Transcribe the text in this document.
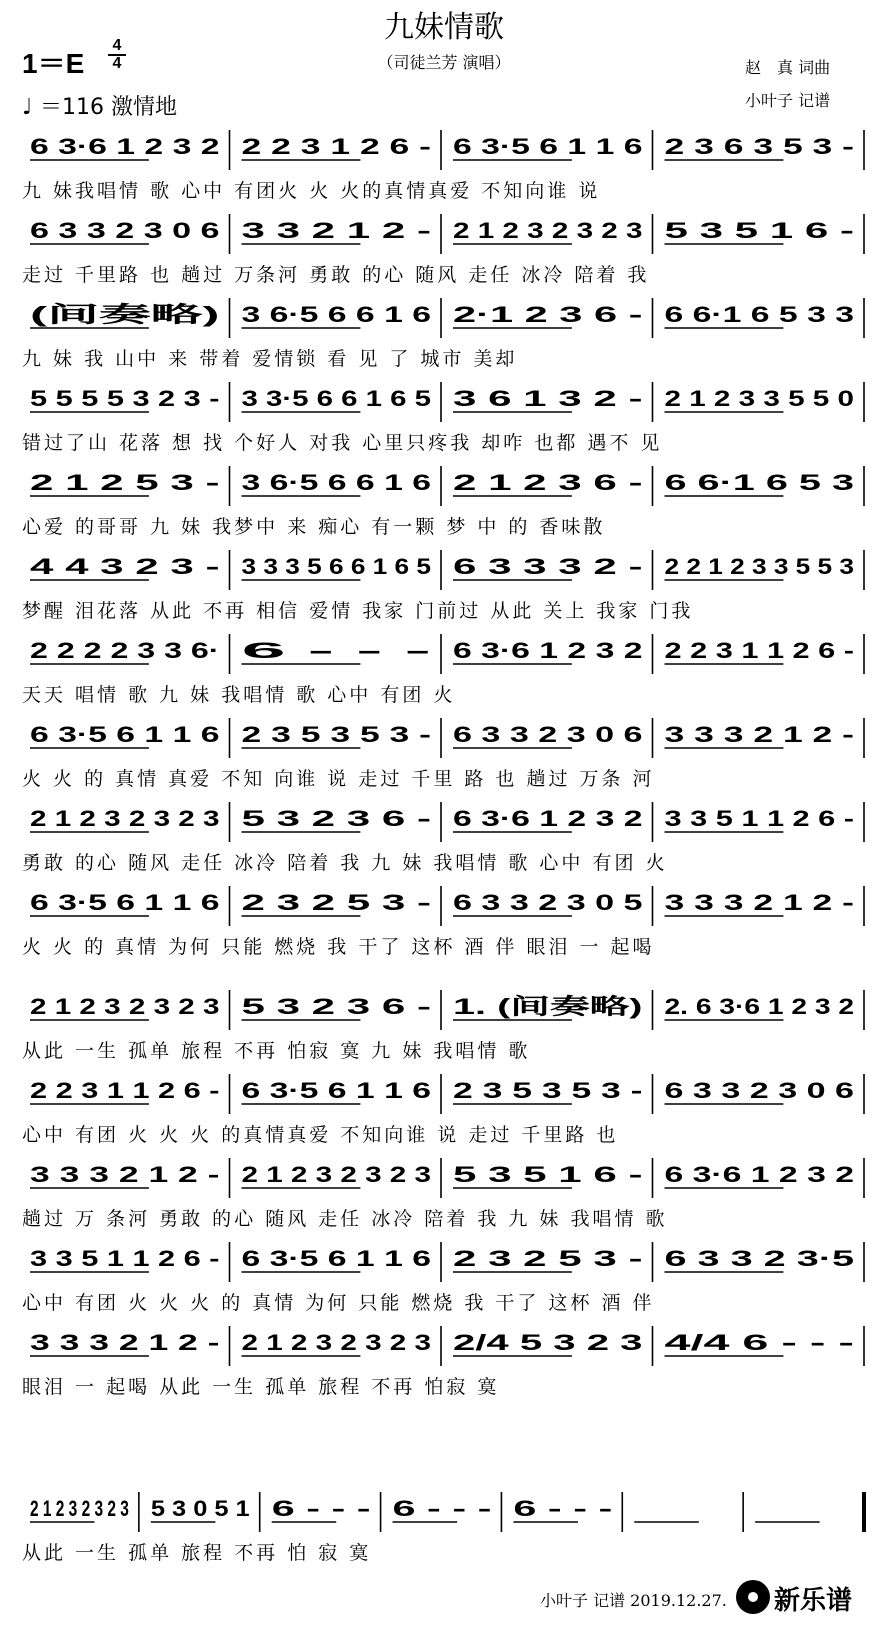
九妹情歌
（司徒兰芳 演唱）	赵　真 词曲
小叶子 记谱
1＝E
4
4
♩ ＝116 激情地
6 3·6 1 2 3 2 2 2 3 1 2 6 - 6 3·5 6 1 1 6 2 3 6 3 5 3 -
九 妹我唱情 歌 心中 有团火 火 火的真情真爱 不知向谁 说
6 3 3 2 3 0 6 3 3 2 1 2 - 2 1 2 3 2 3 2 3 5 3 5 1 6 -
走过 千里路 也 趟过 万条河 勇敢 的心 随风 走任 冰冷 陪着 我
(间奏略) 3 6·5 6 6 1 6 2·1 2 3 6 - 6 6·1 6 5 3 3
九 妹 我 山中 来 带着 爱情锁 看 见 了 城市 美却
5 5 5 5 3 2 3 - 3 3·5 6 6 1 6 5 3 6 1 3 2 - 2 1 2 3 3 5 5 0
错过了山 花落 想 找 个好人 对我 心里只疼我 却咋 也都 遇不 见
2 1 2 5 3 - 3 6·5 6 6 1 6 2 1 2 3 6 - 6 6·1 6 5 3
心爱 的哥哥 九 妹 我梦中 来 痴心 有一颗 梦 中 的 香味散
4 4 3 2 3 - 3 3 3 5 6 6 1 6 5 6 3 3 3 2 - 2 2 1 2 3 3 5 5 3
梦醒 泪花落 从此 不再 相信 爱情 我家 门前过 从此 关上 我家 门我
2 2 2 2 3 3 6· 6 - - - 6 3·6 1 2 3 2 2 2 3 1 1 2 6 -
天天 唱情 歌 九 妹 我唱情 歌 心中 有团 火
6 3·5 6 1 1 6 2 3 5 3 5 3 - 6 3 3 2 3 0 6 3 3 3 2 1 2 -
火 火 的 真情 真爱 不知 向谁 说 走过 千里 路 也 趟过 万条 河
2 1 2 3 2 3 2 3 5 3 2 3 6 - 6 3·6 1 2 3 2 3 3 5 1 1 2 6 -
勇敢 的心 随风 走任 冰冷 陪着 我 九 妹 我唱情 歌 心中 有团 火
6 3·5 6 1 1 6 2 3 2 5 3 - 6 3 3 2 3 0 5 3 3 3 2 1 2 -
火 火 的 真情 为何 只能 燃烧 我 干了 这杯 酒 伴 眼泪 一 起喝
2 1 2 3 2 3 2 3 5 3 2 3 6 - 1. (间奏略) 2. 6 3·6 1 2 3 2
从此 一生 孤单 旅程 不再 怕寂 寞 九 妹 我唱情 歌
2 2 3 1 1 2 6 - 6 3·5 6 1 1 6 2 3 5 3 5 3 - 6 3 3 2 3 0 6
心中 有团 火 火 火 的真情真爱 不知向谁 说 走过 千里路 也
3 3 3 2 1 2 - 2 1 2 3 2 3 2 3 5 3 5 1 6 - 6 3·6 1 2 3 2
趟过 万 条河 勇敢 的心 随风 走任 冰冷 陪着 我 九 妹 我唱情 歌
3 3 5 1 1 2 6 - 6 3·5 6 1 1 6 2 3 2 5 3 - 6 3 3 2 3·5
心中 有团 火 火 火 的 真情 为何 只能 燃烧 我 干了 这杯 酒 伴
3 3 3 2 1 2 - 2 1 2 3 2 3 2 3 2/4 5 3 2 3 4/4 6 - - -
眼泪 一 起喝 从此 一生 孤单 旅程 不再 怕寂 寞
2 1 2 3 2 3 2 3 5 3 0 5 1 6 - - - 6 - - - 6 - - -
从此 一生 孤单 旅程 不再 怕 寂 寞
小叶子 记谱 2019.12.27. 新乐谱
